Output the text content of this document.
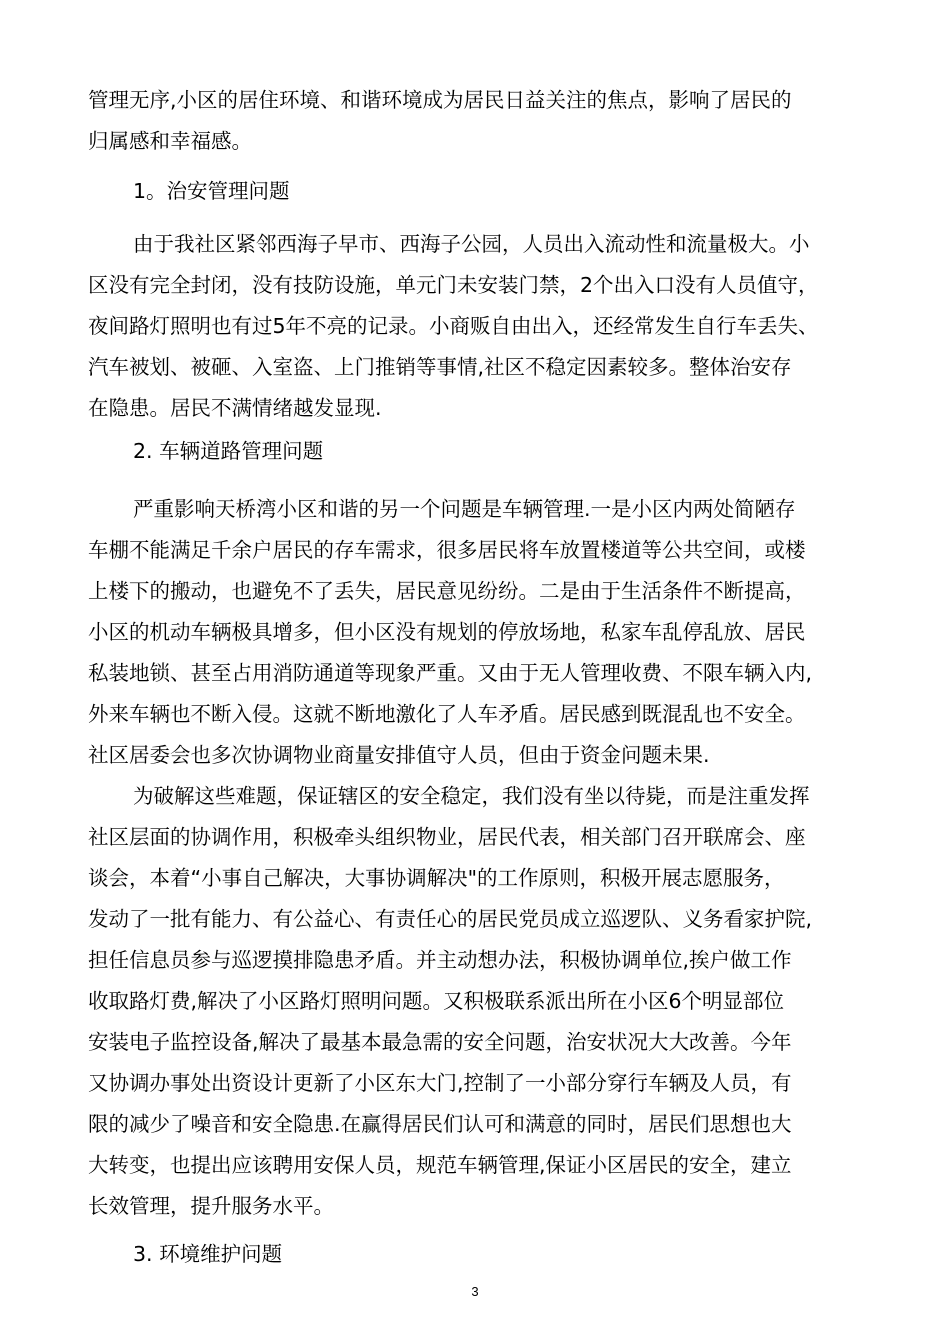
管理无序,小区的居住环境、和谐环境成为居民日益关注的焦点，影响了居民的

归属感和幸福感。

1。治安管理问题

由于我社区紧邻西海子早市、西海子公园，人员出入流动性和流量极大。小

区没有完全封闭，没有技防设施，单元门未安装门禁，2个出入口没有人员值守，

夜间路灯照明也有过5年不亮的记录。小商贩自由出入，还经常发生自行车丢失、

汽车被划、被砸、入室盗、上门推销等事情,社区不稳定因素较多。整体治安存

在隐患。居民不满情绪越发显现.

2. 车辆道路管理问题

严重影响天桥湾小区和谐的另一个问题是车辆管理.一是小区内两处简陋存

车棚不能满足千余户居民的存车需求，很多居民将车放置楼道等公共空间，或楼

上楼下的搬动，也避免不了丢失，居民意见纷纷。二是由于生活条件不断提高，

小区的机动车辆极具增多，但小区没有规划的停放场地，私家车乱停乱放、居民

私装地锁、甚至占用消防通道等现象严重。又由于无人管理收费、不限车辆入内,

外来车辆也不断入侵。这就不断地激化了人车矛盾。居民感到既混乱也不安全。

社区居委会也多次协调物业商量安排值守人员，但由于资金问题未果.

为破解这些难题，保证辖区的安全稳定，我们没有坐以待毙，而是注重发挥

社区层面的协调作用，积极牵头组织物业，居民代表，相关部门召开联席会、座

谈会，本着“小事自己解决，大事协调解决"的工作原则，积极开展志愿服务，

发动了一批有能力、有公益心、有责任心的居民党员成立巡逻队、义务看家护院,

担任信息员参与巡逻摸排隐患矛盾。并主动想办法，积极协调单位,挨户做工作

收取路灯费,解决了小区路灯照明问题。又积极联系派出所在小区6个明显部位

安装电子监控设备,解决了最基本最急需的安全问题，治安状况大大改善。今年

又协调办事处出资设计更新了小区东大门,控制了一小部分穿行车辆及人员，有

限的减少了噪音和安全隐患.在赢得居民们认可和满意的同时，居民们思想也大

大转变，也提出应该聘用安保人员，规范车辆管理,保证小区居民的安全，建立

长效管理，提升服务水平。

3. 环境维护问题

3
